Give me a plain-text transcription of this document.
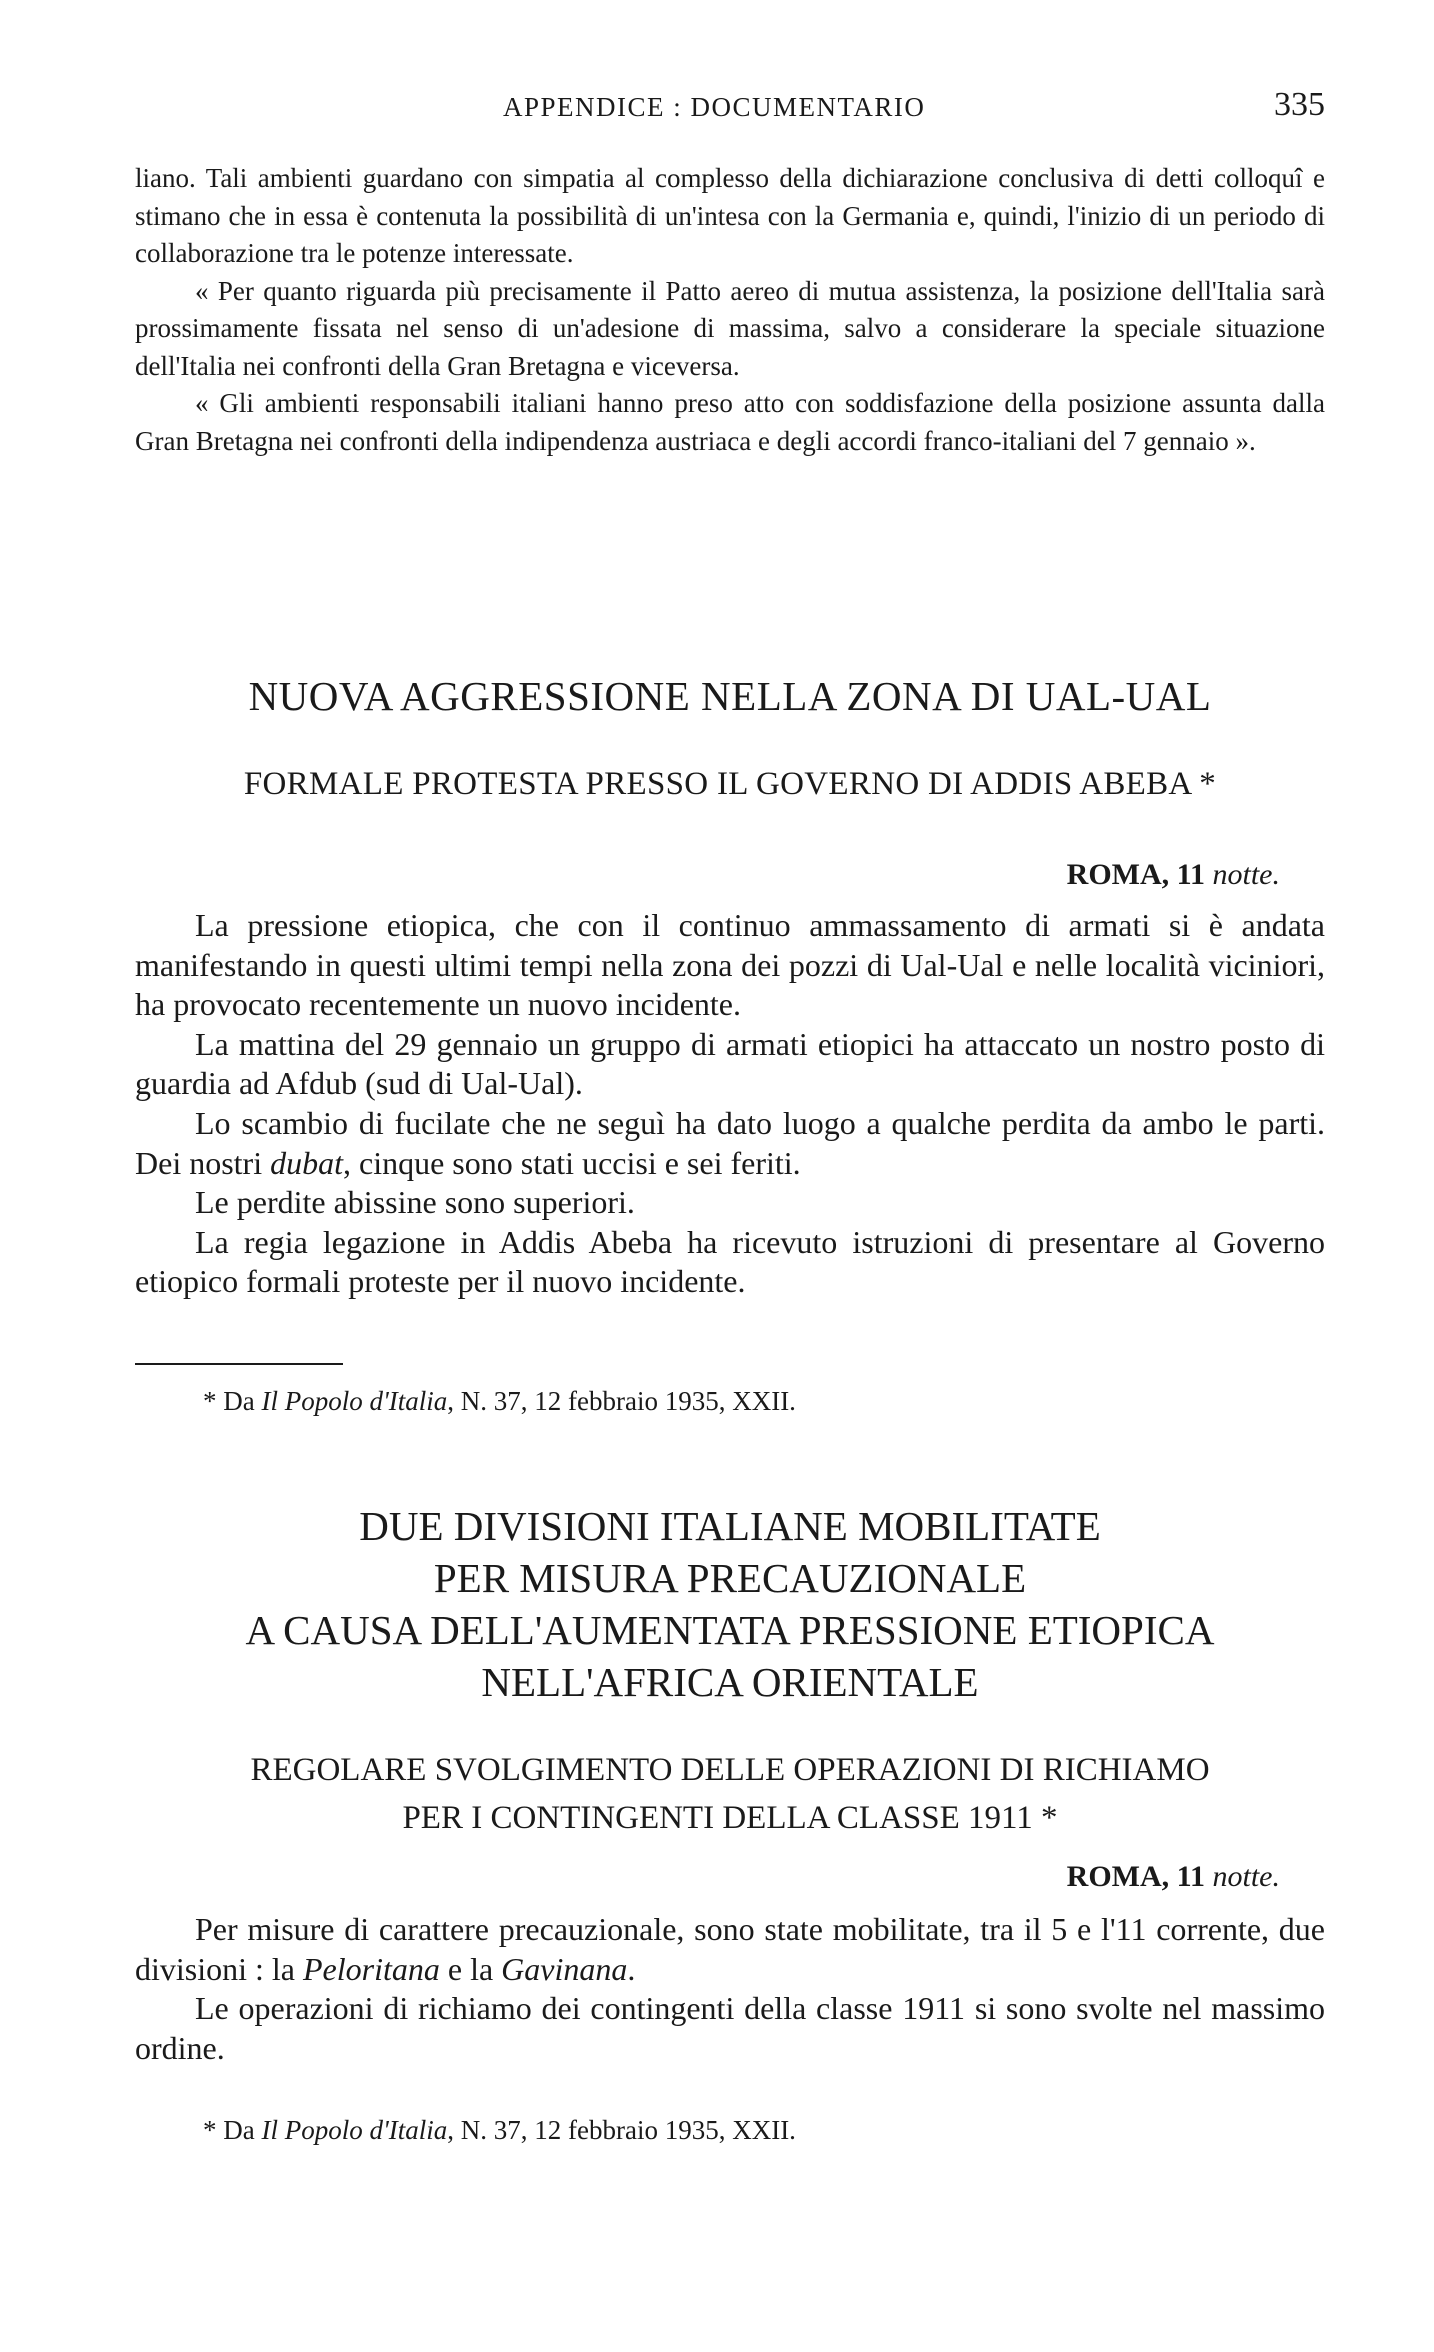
APPENDICE : DOCUMENTARIO	335

liano. Tali ambienti guardano con simpatia al complesso della dichiarazione conclusiva di detti colloquî e stimano che in essa è contenuta la possibilità di un'intesa con la Germania e, quindi, l'inizio di un periodo di collaborazione tra le potenze interessate.

« Per quanto riguarda più precisamente il Patto aereo di mutua assistenza, la posizione dell'Italia sarà prossimamente fissata nel senso di un'adesione di massima, salvo a considerare la speciale situazione dell'Italia nei confronti della Gran Bretagna e viceversa.

« Gli ambienti responsabili italiani hanno preso atto con soddisfazione della posizione assunta dalla Gran Bretagna nei confronti della indipendenza austriaca e degli accordi franco-italiani del 7 gennaio ».

NUOVA AGGRESSIONE NELLA ZONA DI UAL-UAL
FORMALE PROTESTA PRESSO IL GOVERNO DI ADDIS ABEBA *
ROMA, 11 notte.

La pressione etiopica, che con il continuo ammassamento di armati si è andata manifestando in questi ultimi tempi nella zona dei pozzi di Ual-Ual e nelle località viciniori, ha provocato recentemente un nuovo incidente.

La mattina del 29 gennaio un gruppo di armati etiopici ha attaccato un nostro posto di guardia ad Afdub (sud di Ual-Ual).

Lo scambio di fucilate che ne seguì ha dato luogo a qualche perdita da ambo le parti. Dei nostri dubat, cinque sono stati uccisi e sei feriti.

Le perdite abissine sono superiori.

La regia legazione in Addis Abeba ha ricevuto istruzioni di presentare al Governo etiopico formali proteste per il nuovo incidente.

* Da Il Popolo d'Italia, N. 37, 12 febbraio 1935, XXII.
DUE DIVISIONI ITALIANE MOBILITATE
PER MISURA PRECAUZIONALE
A CAUSA DELL'AUMENTATA PRESSIONE ETIOPICA
NELL'AFRICA ORIENTALE
REGOLARE SVOLGIMENTO DELLE OPERAZIONI DI RICHIAMO
PER I CONTINGENTI DELLA CLASSE 1911 *
ROMA, 11 notte.

Per misure di carattere precauzionale, sono state mobilitate, tra il 5 e l'11 corrente, due divisioni : la Peloritana e la Gavinana.

Le operazioni di richiamo dei contingenti della classe 1911 si sono svolte nel massimo ordine.

* Da Il Popolo d'Italia, N. 37, 12 febbraio 1935, XXII.
